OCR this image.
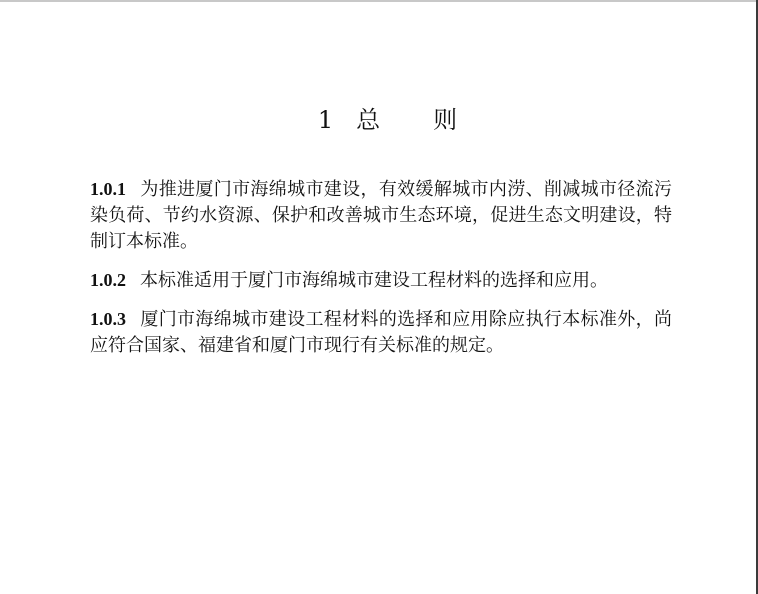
1 总 则

1.0.1 为推进厦门市海绵城市建设，有效缓解城市内涝、削减城市径流污染负荷、节约水资源、保护和改善城市生态环境，促进生态文明建设，特制订本标准。

1.0.2 本标准适用于厦门市海绵城市建设工程材料的选择和应用。

1.0.3 厦门市海绵城市建设工程材料的选择和应用除应执行本标准外，尚应符合国家、福建省和厦门市现行有关标准的规定。
